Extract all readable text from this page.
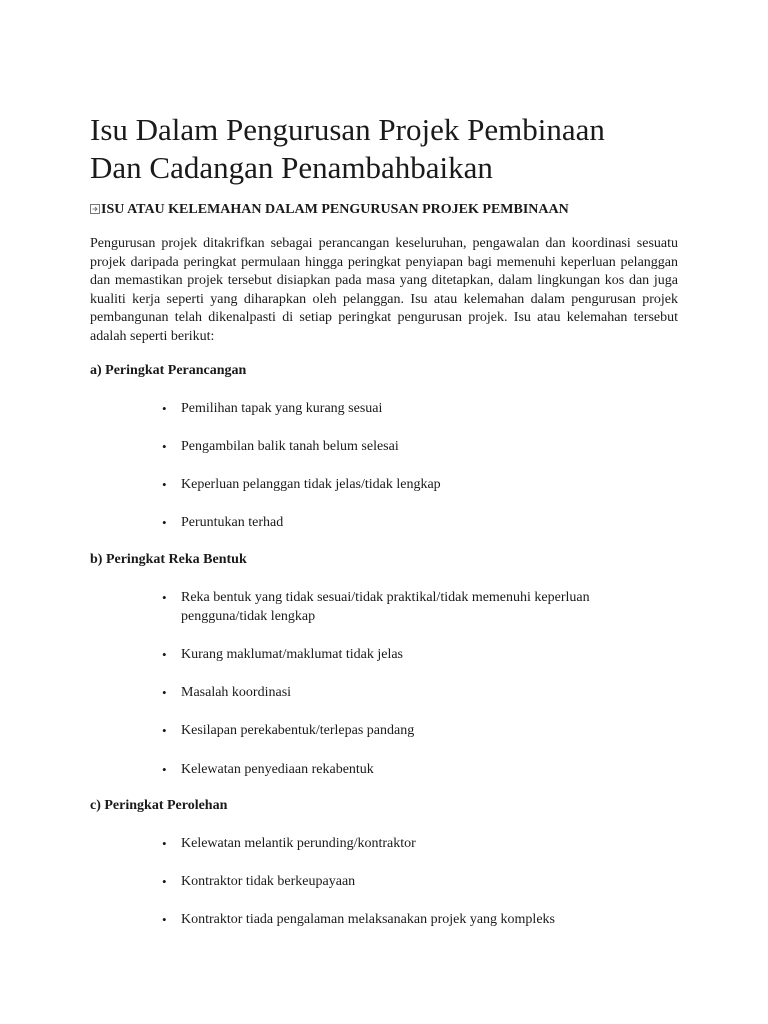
Isu Dalam Pengurusan Projek Pembinaan
Dan Cadangan Penambahbaikan
ISU ATAU KELEMAHAN DALAM PENGURUSAN PROJEK PEMBINAAN

Pengurusan projek ditakrifkan sebagai perancangan keseluruhan, pengawalan dan koordinasi sesuatu projek daripada peringkat permulaan hingga peringkat penyiapan bagi memenuhi keperluan pelanggan dan memastikan projek tersebut disiapkan pada masa yang ditetapkan, dalam lingkungan kos dan juga kualiti kerja seperti yang diharapkan oleh pelanggan. Isu atau kelemahan dalam pengurusan projek pembangunan telah dikenalpasti di setiap peringkat pengurusan projek. Isu atau kelemahan tersebut adalah seperti berikut:

a) Peringkat Perancangan
• Pemilihan tapak yang kurang sesuai
• Pengambilan balik tanah belum selesai
• Keperluan pelanggan tidak jelas/tidak lengkap
• Peruntukan terhad
b) Peringkat Reka Bentuk
• Reka bentuk yang tidak sesuai/tidak praktikal/tidak memenuhi keperluan pengguna/tidak lengkap
• Kurang maklumat/maklumat tidak jelas
• Masalah koordinasi
• Kesilapan perekabentuk/terlepas pandang
• Kelewatan penyediaan rekabentuk
c) Peringkat Perolehan
• Kelewatan melantik perunding/kontraktor
• Kontraktor tidak berkeupayaan
• Kontraktor tiada pengalaman melaksanakan projek yang kompleks
